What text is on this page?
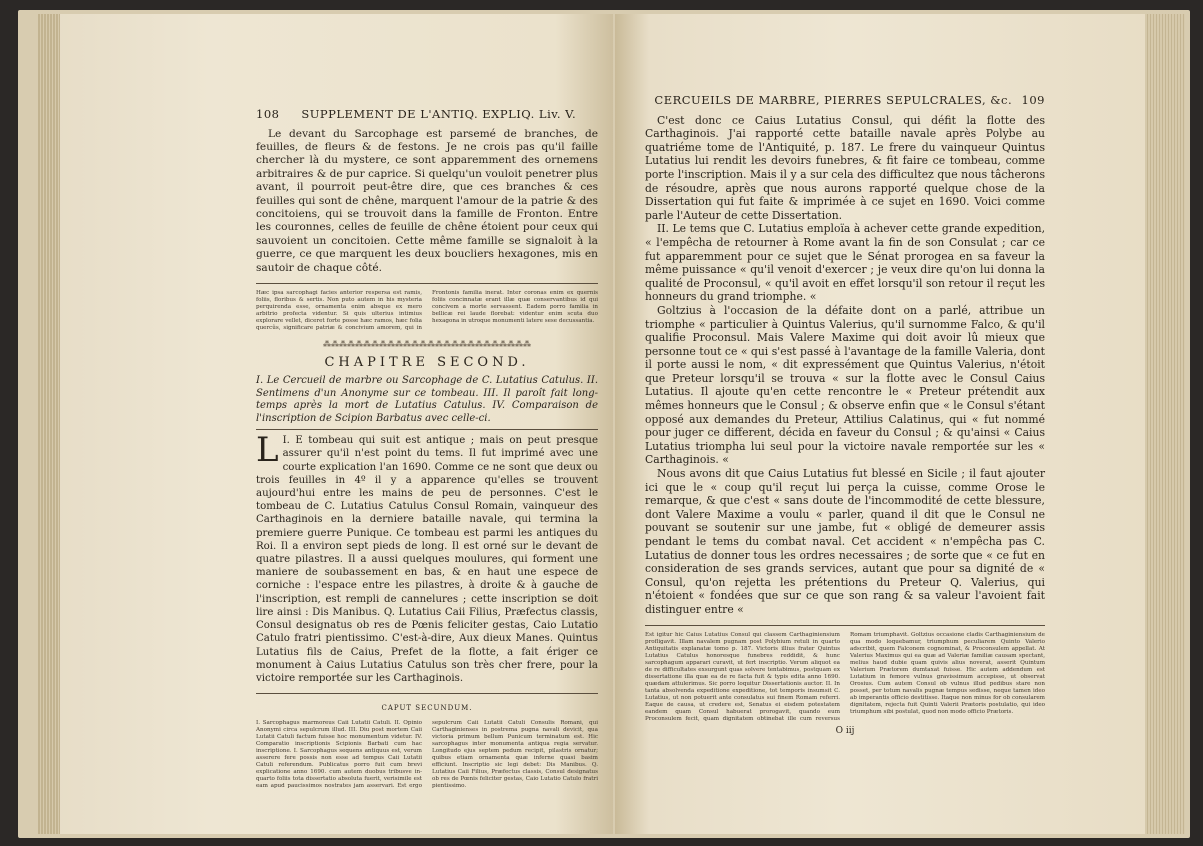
108	SUPPLEMENT DE L'ANTIQ. EXPLIQ. Liv. V.

Le devant du Sarcophage est parsemé de branches, de feuilles, de fleurs & de festons. Je ne crois pas qu'il faille chercher là du mystere, ce sont apparemment des ornemens arbitraires & de pur caprice. Si quelqu'un vouloit penetrer plus avant, il pourroit peut-être dire, que ces branches & ces feuilles qui sont de chêne, marquent l'amour de la patrie & des concitoiens, qui se trouvoit dans la famille de Fronton. Entre les couronnes, celles de feuille de chêne étoient pour ceux qui sauvoient un concitoien. Cette même famille se signaloit à la guerre, ce que marquent les deux boucliers hexagones, mis en sautoir de chaque côté.

Hæc ipsa sarcophagi facies anterior respersa est ramis, foliis, floribus & sertis. Non puto autem in his mysteria perquirenda esse, ornamenta enim absque ex mero arbitrio profecta videntur. Si quis ulterius intimius explorare vellet, diceret forte posse hæc ramos, hæc folia quercûs, significare patriæ & concivium amorem, qui in Frontonis familia inerat. Inter coronas enim ex quernis foliis concinnatæ erant illæ quæ conservantibus id qui concivem a morte servassent. Eadem porro familia in bellicæ rei laude florebat: videntur enim scuta duo hexagona in utroque monumenti latere sese decussantia.
⁂⁂⁂⁂⁂⁂⁂⁂⁂⁂⁂⁂⁂⁂⁂⁂⁂⁂⁂⁂⁂⁂⁂⁂⁂⁂
CHAPITRE SECOND.
I. Le Cercueil de marbre ou Sarcophage de C. Lutatius Catulus. II. Sentimens d'un Anonyme sur ce tombeau. III. Il paroît fait long-temps après la mort de Lutatius Catulus. IV. Comparaison de l'inscription de Scipion Barbatus avec celle-ci.
L I. E tombeau qui suit est antique ; mais on peut presque assurer qu'il n'est point du tems. Il fut imprimé avec une courte explication l'an 1690. Comme ce ne sont que deux ou trois feuilles in 4º il y a apparence qu'elles se trouvent aujourd'hui entre les mains de peu de personnes. C'est le tombeau de C. Lutatius Catulus Consul Romain, vainqueur des Carthaginois en la derniere bataille navale, qui termina la premiere guerre Punique. Ce tombeau est parmi les antiques du Roi. Il a environ sept pieds de long. Il est orné sur le devant de quatre pilastres. Il a aussi quelques moulures, qui forment une maniere de soubassement en bas, & en haut une espece de corniche : l'espace entre les pilastres, à droite & à gauche de l'inscription, est rempli de cannelures ; cette inscription se doit lire ainsi : Dis Manibus. Q. Lutatius Caii Filius, Præfectus classis, Consul designatus ob res de Pœnis feliciter gestas, Caio Lutatio Catulo fratri pientissimo. C'est-à-dire, Aux dieux Manes. Quintus Lutatius fils de Caius, Prefet de la flotte, a fait ériger ce monument à Caius Lutatius Catulus son très cher frere, pour la victoire remportée sur les Carthaginois.
CAPUT SECUNDUM.
I. Sarcophagus marmoreus Caii Lutatii Catuli. II. Opinio Anonymi circa sepulcrum illud. III. Diu post mortem Caii Lutatii Catuli factum fuisse hoc monumentum videtur. IV. Comparatio inscriptionis Scipionis Barbati cum hac inscriptione. I. Sarcophagus sequens antiquus est, verum asserere fere possis non esse ad tempus Caii Lutatii Catuli referendum. Publicatus porro fuit cum brevi explicatione anno 1690. cum autem duobus tribusve in-quarto foliis tota dissertatio absoluta fuerit, verisimile est eam apud paucissimos nostrates jam asservari. Est ergo sepulcrum Caii Lutatii Catuli Consulis Romani, qui Carthaginienses in postrema pugna navali devicit, qua victoria primum bellum Punicum terminatum est. Hic sarcophagus inter monumenta antiqua regia servatur. Longitudo ejus septem pedum recipit, pilastris ornatur; quibus etiam ornamenta quæ inferne quasi basim efficiunt. Inscriptio sic legi debet: Dis Manibus. Q. Lutatius Caii Filius, Præfectus classis, Consul designatus ob res de Pœnis feliciter gestas, Caio Lutatio Catulo fratri pientissimo.
CERCUEILS DE MARBRE, PIERRES SEPULCRALES, &c. 109

C'est donc ce Caius Lutatius Consul, qui défit la flotte des Carthaginois. J'ai rapporté cette bataille navale après Polybe au quatriéme tome de l'Antiquité, p. 187. Le frere du vainqueur Quintus Lutatius lui rendit les devoirs funebres, & fit faire ce tombeau, comme porte l'inscription. Mais il y a sur cela des difficultez que nous tâcherons de résoudre, après que nous aurons rapporté quelque chose de la Dissertation qui fut faite & imprimée à ce sujet en 1690. Voici comme parle l'Auteur de cette Dissertation.

II. Le tems que C. Lutatius emploïa à achever cette grande expedition, « l'empêcha de retourner à Rome avant la fin de son Consulat ; car ce fut apparemment pour ce sujet que le Sénat prorogea en sa faveur la même puissance « qu'il venoit d'exercer ; je veux dire qu'on lui donna la qualité de Proconsul, « qu'il avoit en effet lorsqu'il son retour il reçut les honneurs du grand triomphe. «

Goltzius à l'occasion de la défaite dont on a parlé, attribue un triomphe « particulier à Quintus Valerius, qu'il surnomme Falco, & qu'il qualifie Proconsul. Mais Valere Maxime qui doit avoir lû mieux que personne tout ce « qui s'est passé à l'avantage de la famille Valeria, dont il porte aussi le nom, « dit expressément que Quintus Valerius, n'étoit que Preteur lorsqu'il se trouva « sur la flotte avec le Consul Caius Lutatius. Il ajoute qu'en cette rencontre le « Preteur prétendit aux mêmes honneurs que le Consul ; & observe enfin que « le Consul s'étant opposé aux demandes du Preteur, Attilius Calatinus, qui « fut nommé pour juger ce different, décida en faveur du Consul ; & qu'ainsi « Caius Lutatius triompha lui seul pour la victoire navale remportée sur les « Carthaginois. «

Nous avons dit que Caius Lutatius fut blessé en Sicile ; il faut ajouter ici que le « coup qu'il reçut lui perça la cuisse, comme Orose le remarque, & que c'est « sans doute de l'incommodité de cette blessure, dont Valere Maxime a voulu « parler, quand il dit que le Consul ne pouvant se soutenir sur une jambe, fut « obligé de demeurer assis pendant le tems du combat naval. Cet accident « n'empêcha pas C. Lutatius de donner tous les ordres necessaires ; de sorte que « ce fut en consideration de ses grands services, autant que pour sa dignité de « Consul, qu'on rejetta les prétentions du Preteur Q. Valerius, qui n'étoient « fondées que sur ce que son rang & sa valeur l'avoient fait distinguer entre «

Est igitur hic Caius Lutatius Consul qui classem Carthaginiensium profligavit. Illam navalem pugnam post Polybium retuli in quarto Antiquitatis explanatæ tomo p. 187. Victoris illius frater Quintus Lutatius Catulus honoresque funebres reddidit, & hunc sarcophagum apparari curavit, ut fert inscriptio. Verum aliquot ea de re difficultates exsurgunt quas solvere tentabimus, postquam ex dissertatione illa quæ ea de re facta fuit & typis edita anno 1690. quædam attulerimus. Sic porro loquitur Dissertationis auctor. II. In tanta absolvenda expeditione expeditione, tot temporis insumsit C. Lutatius, ut non potuerit ante consulatus sui finem Romam referri. Eaque de causa, ut credere est, Senatus ei eisdem potestatem eandem quam Consul habuerat prorogavit, quando eum Proconsulem fecit, quam dignitatem obtinebat ille cum reversus Romam triumphavit. Goltzius occasione cladis Carthaginiensium de qua modo loquebamur, triumphum peculiarem Quinto Valerio adscribit, quem Falconem cognominat, & Proconsulem appellat. At Valerius Maximus qui ea quæ ad Valeriæ familiæ causam spectant, melius haud dubie quam quivis alius noverat, asserit Quintum Valerium Prætorem dumtaxat fuisse. Hic autem addendum est Lutatium in femore vulnus gravissimum accepisse, ut observat Orosius. Cum autem Consul ob vulnus illud pedibus stare non posset, per totum navalis pugnæ tempus sedisse, neque tamen ideo ab imperantis officio destitisse. Itaque non minus for ob consularem dignitatem, rejecta fuit Quinti Valerii Prætoris postulatio, qui ideo triumphum sibi postulat, quod non modo officio Prætoris.
O iij
